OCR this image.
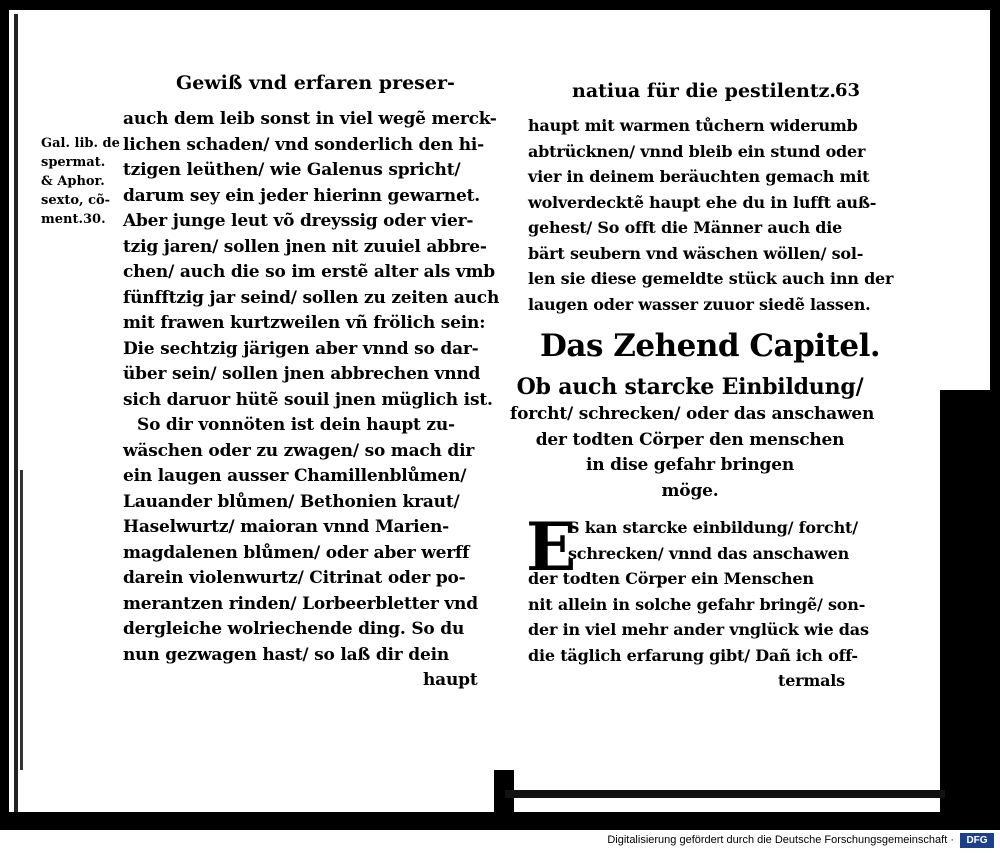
Gewiß vnd erfaren preser-
Gal. lib. de
spermat.
& Aphor.
sexto, cõ-
ment.30.
auch dem leib sonst in viel wegẽ merck-
lichen schaden/ vnd sonderlich den hi-
tzigen leüthen/ wie Galenus spricht/
darum sey ein jeder hierinn gewarnet.
Aber junge leut võ dreyssig oder vier-
tzig jaren/ sollen jnen nit zuuiel abbre-
chen/ auch die so im erstẽ alter als vmb
fünfftzig jar seind/ sollen zu zeiten auch
mit frawen kurtzweilen vñ frölich sein:
Die sechtzig järigen aber vnnd so dar-
über sein/ sollen jnen abbrechen vnnd
sich daruor hütẽ souil jnen müglich ist.
So dir vonnöten ist dein haupt zu-
wäschen oder zu zwagen/ so mach dir
ein laugen ausser Chamillenblůmen/
Lauander blůmen/ Bethonien kraut/
Haselwurtz/ maioran vnnd Marien-
magdalenen blůmen/ oder aber werff
darein violenwurtz/ Citrinat oder po-
merantzen rinden/ Lorbeerbletter vnd
dergleiche wolriechende ding. So du
nun gezwagen hast/ so laß dir dein
haupt
natiua für die pestilentz.
63
haupt mit warmen tůchern widerumb
abtrücknen/ vnnd bleib ein stund oder
vier in deinem beräuchten gemach mit
wolverdecktẽ haupt ehe du in lufft auß-
gehest/ So offt die Männer auch die
bärt seubern vnd wäschen wöllen/ sol-
len sie diese gemeldte stück auch inn der
laugen oder wasser zuuor siedẽ lassen.
Das Zehend Capitel.
Ob auch starcke Einbildung/
forcht/ schrecken/ oder das anschawen
der todten Cörper den menschen
in dise gefahr bringen
möge.
E
S kan starcke einbildung/ forcht/
schrecken/ vnnd das anschawen
der todten Cörper ein Menschen
nit allein in solche gefahr bringẽ/ son-
der in viel mehr ander vnglück wie das
die täglich erfarung gibt/ Dañ ich off-
termals
Digitalisierung gefördert durch die Deutsche Forschungsgemeinschaft ·	DFG
